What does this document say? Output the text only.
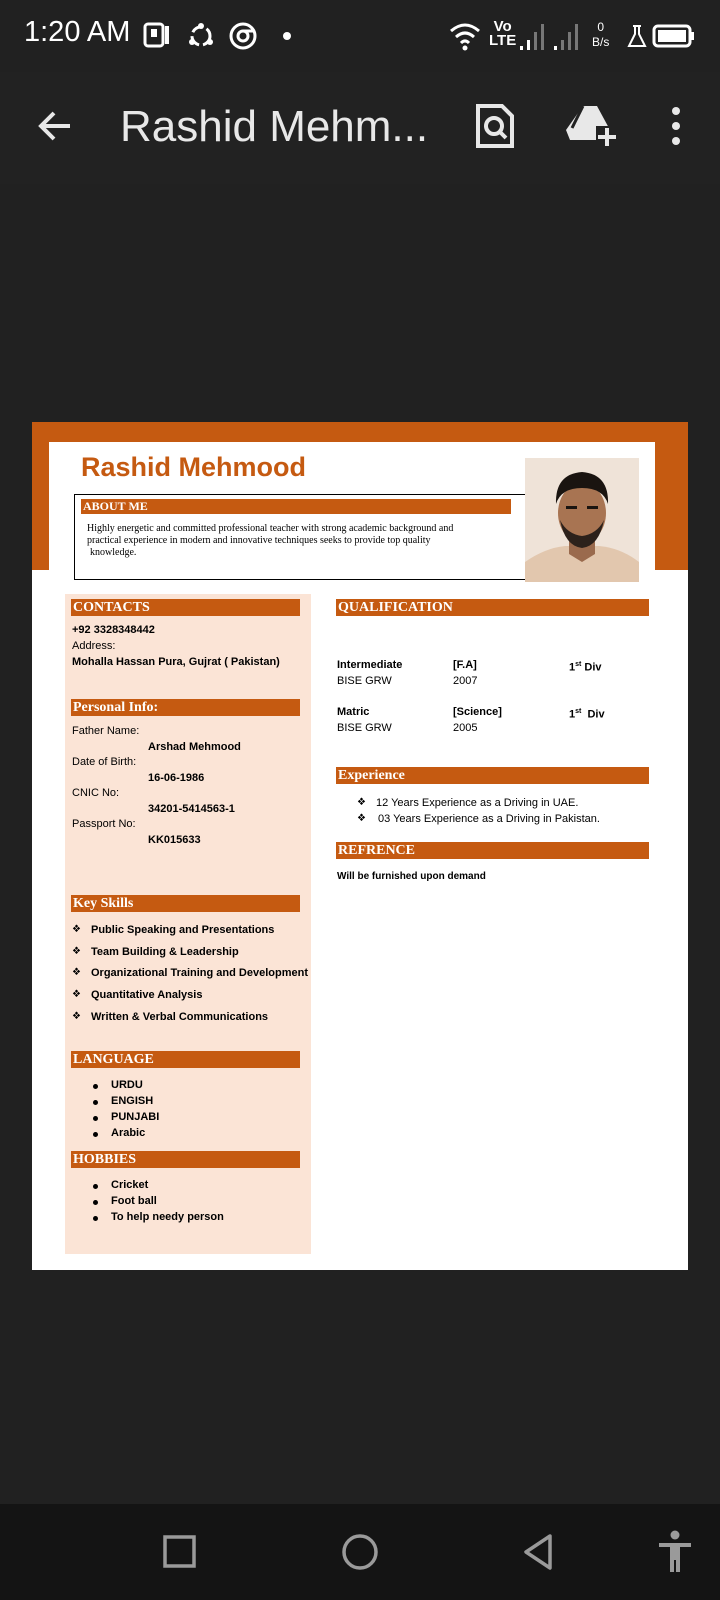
1:20 AM	Vo
LTE
0
B/s
Rashid Mehm...
Rashid Mehmood
ABOUT ME
Highly energetic and committed professional teacher with strong academic background and
practical experience in modern and innovative techniques seeks to provide top quality
knowledge.
CONTACTS
+92 3328348442
Address:
Mohalla Hassan Pura, Gujrat ( Pakistan)
Personal Info:
Father Name:
Arshad Mehmood
Date of Birth:
16-06-1986
CNIC No:
34201-5414563-1
Passport No:
KK015633
Key Skills
❖ Public Speaking and Presentations
❖ Team Building & Leadership
❖ Organizational Training and Development
❖ Quantitative Analysis
❖ Written & Verbal Communications
LANGUAGE
URDU
ENGISH
PUNJABI
Arabic
HOBBIES
Cricket
Foot ball
To help needy person
QUALIFICATION
Intermediate
BISE GRW
[F.A]
2007
1st Div
Matric
BISE GRW
[Science]
2005
1st Div
Experience
❖ 12 Years Experience as a Driving in UAE.
❖ 03 Years Experience as a Driving in Pakistan.
REFRENCE
Will be furnished upon demand
